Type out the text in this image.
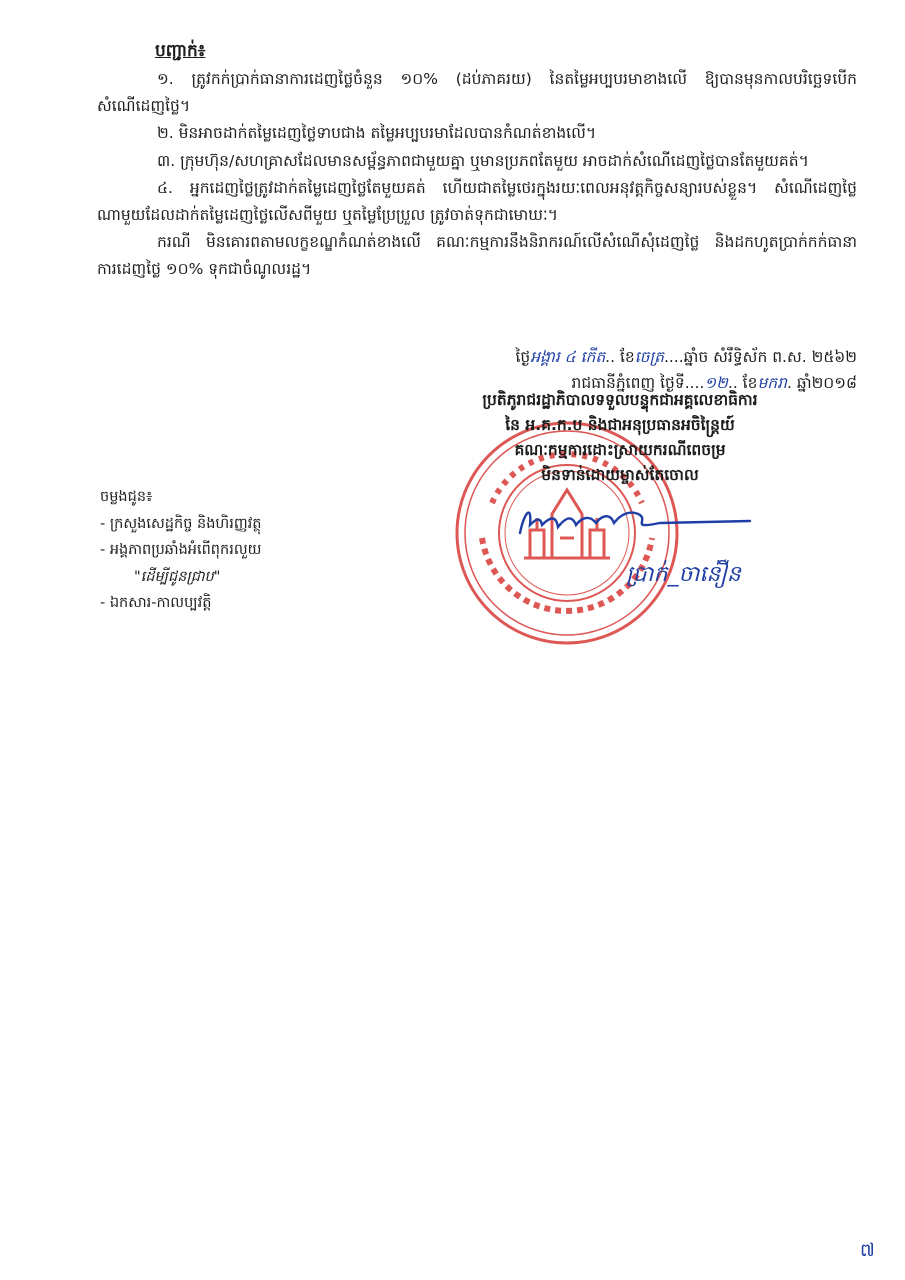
បញ្ជាក់៖

១. ត្រូវកក់ប្រាក់ធានាការដេញថ្លៃចំនួន ១០% (ដប់ភាគរយ) នៃតម្លៃអប្បបរមាខាងលើ ឱ្យបានមុនកាលបរិច្ឆេទបើកសំណើដេញថ្លៃ។

២. មិនអាចដាក់តម្លៃដេញថ្លៃទាបជាង តម្លៃអប្បបរមាដែលបានកំណត់ខាងលើ។

៣. ក្រុមហ៊ុន/សហគ្រាសដែលមានសម្ព័ន្ធភាពជាមួយគ្នា ឬមានប្រភពតែមួយ អាចដាក់សំណើដេញថ្លៃបានតែមួយគត់។

៤. អ្នកដេញថ្លៃត្រូវដាក់តម្លៃដេញថ្លៃតែមួយគត់ ហើយជាតម្លៃថេរក្នុងរយៈពេលអនុវត្តកិច្ចសន្យារបស់ខ្លួន។ សំណើដេញថ្លៃណាមួយដែលដាក់តម្លៃដេញថ្លៃលើសពីមួយ ឬតម្លៃប្រែប្រួល ត្រូវចាត់ទុកជាមោឃៈ។

ករណី មិនគោរពតាមលក្ខខណ្ឌកំណត់ខាងលើ គណៈកម្មការនឹងនិរាករណ៍លើសំណើសុំដេញថ្លៃ និងដកហូតប្រាក់កក់ធានាការដេញថ្លៃ ១០% ទុកជាចំណូលរដ្ឋ។

ថ្ងៃអង្គារ ៤ កើត.. ខែចេត្រ....ឆ្នាំច សំរឹទ្ធិស័ក ព.ស. ២៥៦២
រាជធានីភ្នំពេញ ថ្ងៃទី....១២.. ខែមករា. ឆ្នាំ២០១៨
ប្រតិភូរាជរដ្ឋាភិបាលទទួលបន្ទុកជាអគ្គលេខាធិការ
នៃ អ.គ.ក.ប និងជាអនុប្រធានអចិន្ត្រៃយ៍
គណៈកម្មការដោះស្រាយករណីពេចម្រ
មិនទាន់ដោយម្ចាស់តែចោល
ប្រាក់_ចាន់ឿន
ចម្លងជូន៖
- ក្រសួងសេដ្ឋកិច្ច និងហិរញ្ញវត្ថុ
- អង្គភាពប្រឆាំងអំពើពុករលួយ
"ដើម្បីជូនជ្រាប"
- ឯកសារ-កាលប្បវត្តិ
៧
